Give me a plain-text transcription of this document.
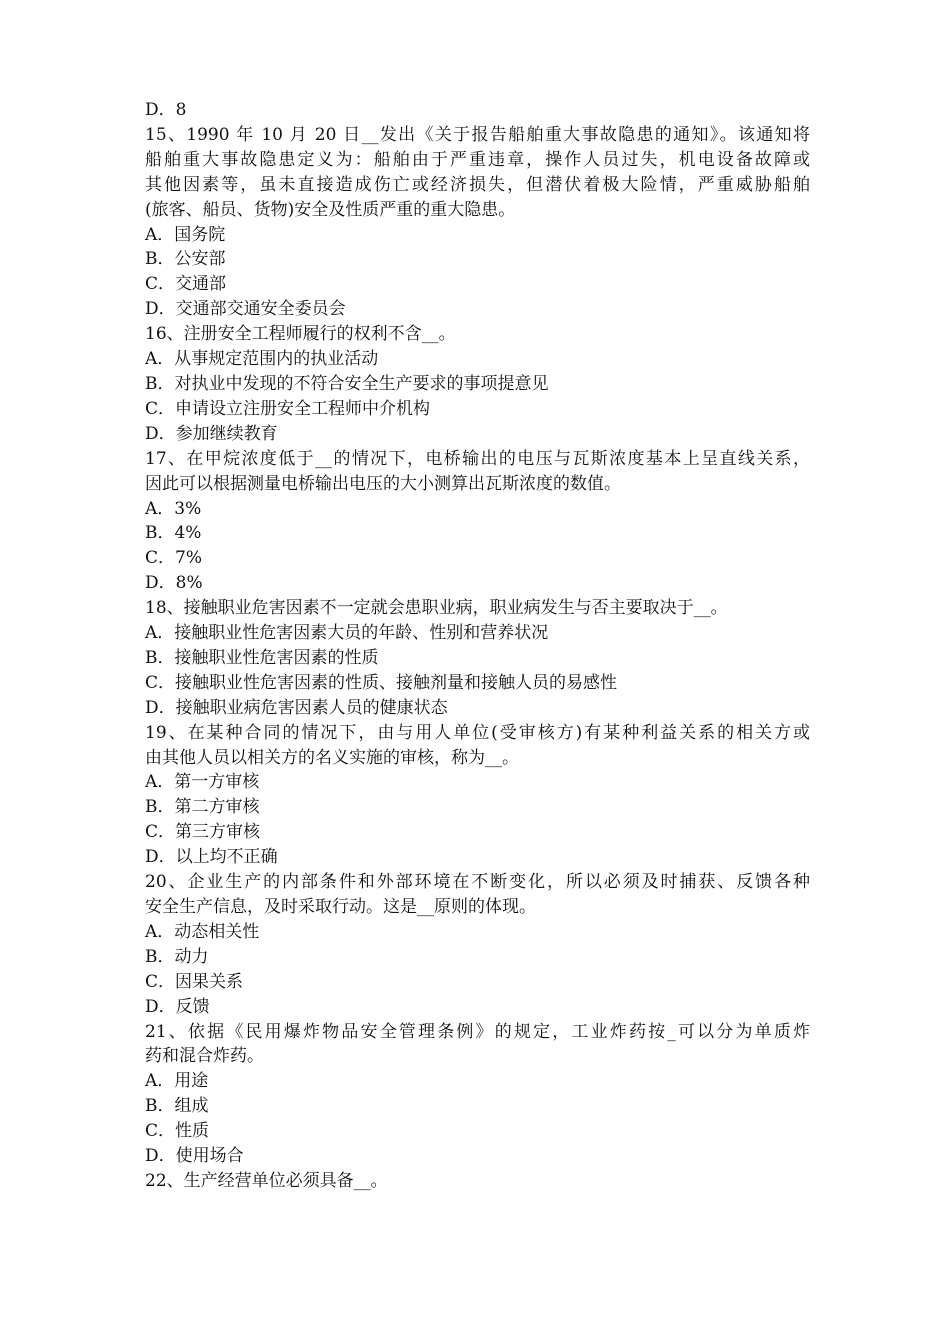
D．8
15、1990 年 10 月 20 日__发出《关于报告船舶重大事故隐患的通知》。该通知将
船舶重大事故隐患定义为：船舶由于严重违章，操作人员过失，机电设备故障或
其他因素等，虽未直接造成伤亡或经济损失，但潜伏着极大险情，严重威胁船舶
(旅客、船员、货物)安全及性质严重的重大隐患。
A．国务院
B．公安部
C．交通部
D．交通部交通安全委员会
16、注册安全工程师履行的权利不含__。
A．从事规定范围内的执业活动
B．对执业中发现的不符合安全生产要求的事项提意见
C．申请设立注册安全工程师中介机构
D．参加继续教育
17、在甲烷浓度低于__的情况下，电桥输出的电压与瓦斯浓度基本上呈直线关系，
因此可以根据测量电桥输出电压的大小测算出瓦斯浓度的数值。
A．3%
B．4%
C．7%
D．8%
18、接触职业危害因素不一定就会患职业病，职业病发生与否主要取决于__。
A．接触职业性危害因素大员的年龄、性别和营养状况
B．接触职业性危害因素的性质
C．接触职业性危害因素的性质、接触剂量和接触人员的易感性
D．接触职业病危害因素人员的健康状态
19、在某种合同的情况下，由与用人单位(受审核方)有某种利益关系的相关方或
由其他人员以相关方的名义实施的审核，称为__。
A．第一方审核
B．第二方审核
C．第三方审核
D．以上均不正确
20、企业生产的内部条件和外部环境在不断变化，所以必须及时捕获、反馈各种
安全生产信息，及时采取行动。这是__原则的体现。
A．动态相关性
B．动力
C．因果关系
D．反馈
21、依据《民用爆炸物品安全管理条例》的规定，工业炸药按_可以分为单质炸
药和混合炸药。
A．用途
B．组成
C．性质
D．使用场合
22、生产经营单位必须具备__。
